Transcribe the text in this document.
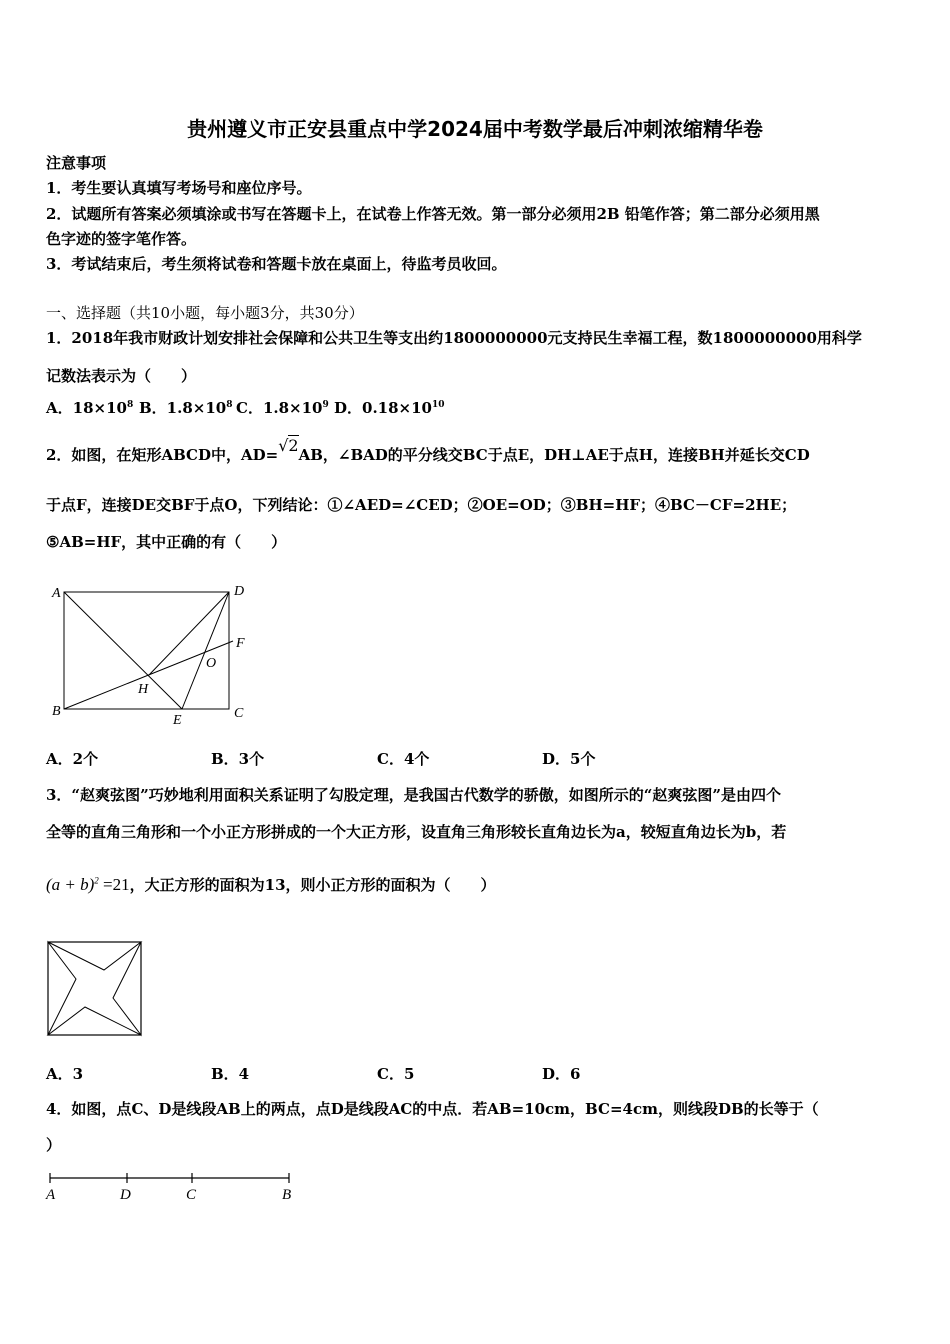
贵州遵义市正安县重点中学2024届中考数学最后冲刺浓缩精华卷
注意事项
1．考生要认真填写考场号和座位序号。
2．试题所有答案必须填涂或书写在答题卡上，在试卷上作答无效。第一部分必须用2B 铅笔作答；第二部分必须用黑
色字迹的签字笔作答。
3．考试结束后，考生须将试卷和答题卡放在桌面上，待监考员收回。
一、选择题（共10小题，每小题3分，共30分）
1．2018年我市财政计划安排社会保障和公共卫生等支出约1800000000元支持民生幸福工程，数1800000000用科学
记数法表示为（　　）
A．$18\times 10^8$ B．$1.8\times 10^8$ C．$1.8\times 10^9$ D．$0.18\times 10^{10}$
2．如图，在矩形ABCD中，AD=√2AB，∠BAD的平分线交BC于点E，DH⊥AE于点H，连接BH并延长交CD
于点F，连接DE交BF于点O，下列结论：①∠AED=∠CED；②OE=OD；③BH=HF；④BC－CF=2HE；
⑤AB=HF，其中正确的有（　　）
A	D
F
O
H
B
E	C
A．2个	B．3个	C．4个	D．5个
3．“赵爽弦图”巧妙地利用面积关系证明了勾股定理，是我国古代数学的骄傲，如图所示的“赵爽弦图”是由四个
全等的直角三角形和一个小正方形拼成的一个大正方形，设直角三角形较长直角边长为a，较短直角边长为b，若
$(a + b)^2 =21$，大正方形的面积为13，则小正方形的面积为（　　）
A．3	B．4	C．5	D．6
4．如图，点C、D是线段AB上的两点，点D是线段AC的中点．若AB=10cm，BC=4cm，则线段DB的长等于（
）
A	D	C	B
